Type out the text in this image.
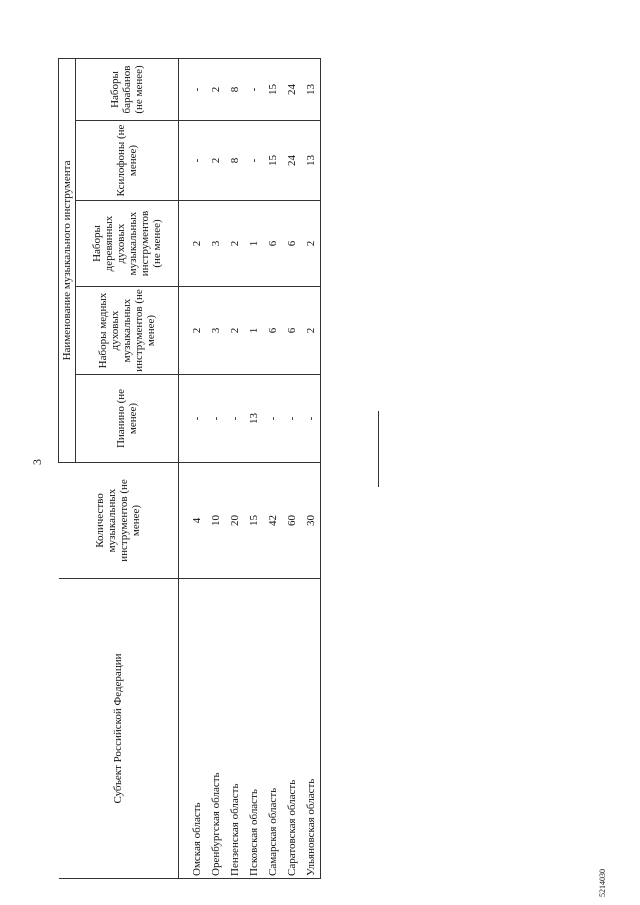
3
Субъект Российской Федерации	Количество музыкальных инструментов (не менее)	Наименование музыкального инструмента				
		Пианино (не менее)	Наборы медных духовых музыкальных инструментов (не менее)	Наборы деревянных духовых музыкальных инструментов (не менее)	Ксилофоны (не менее)	Наборы барабанов (не менее)
Омская область	4	-	2	2	-	-
Оренбургская область	10	-	3	3	2	2
Пензенская область	20	-	2	2	8	8
Псковская область	15	13	1	1	-	-
Самарская область	42	-	6	6	15	15
Саратовская область	60	-	6	6	24	24
Ульяновская область	30	-	2	2	13	13
5214030
